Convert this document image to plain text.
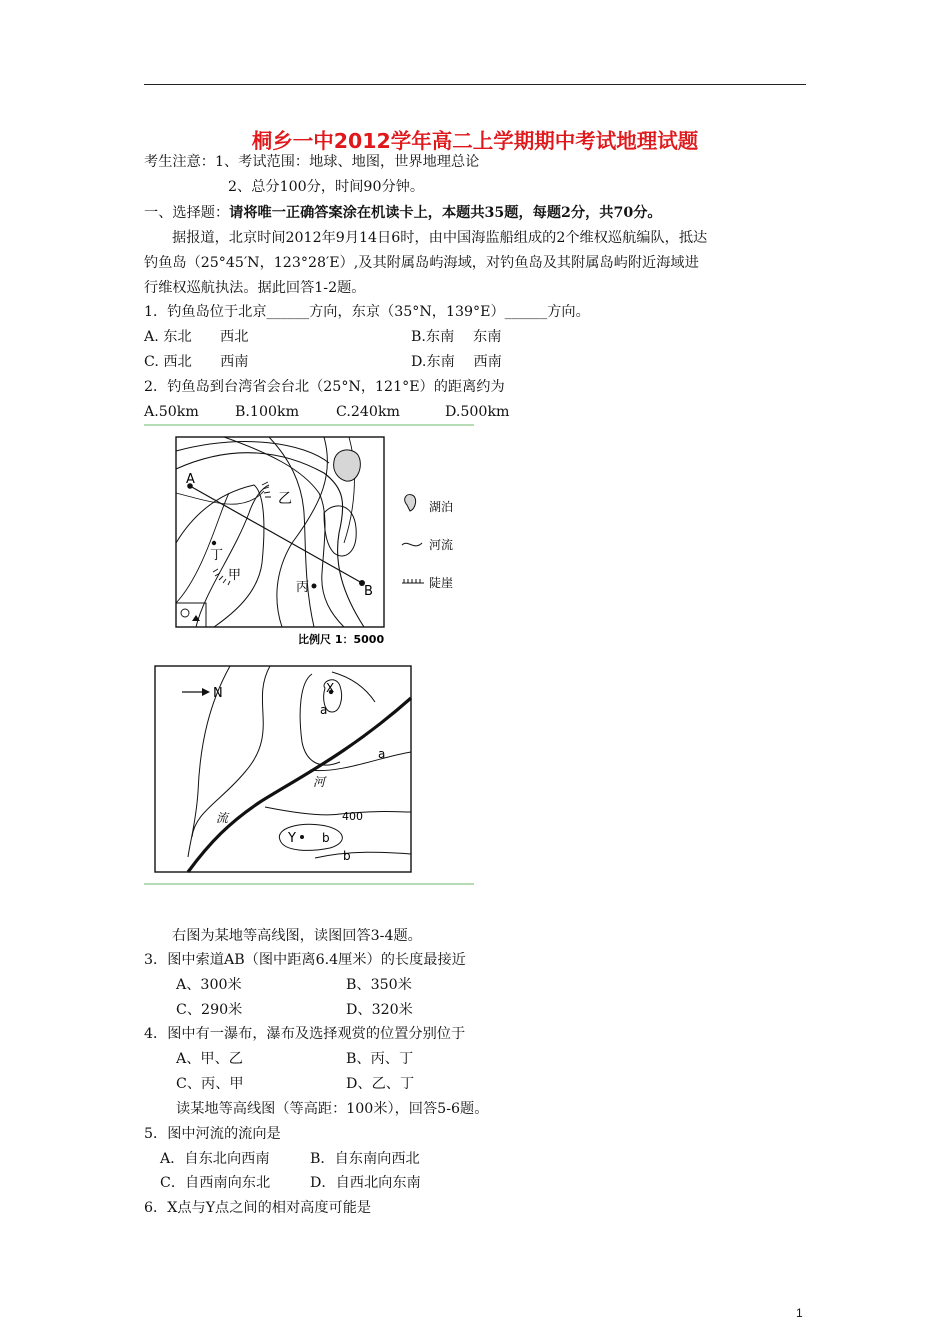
桐乡一中2012学年高二上学期期中考试地理试题
考生注意：1、考试范围：地球、地图，世界地理总论
2、总分100分，时间90分钟。
一、选择题：请将唯一正确答案涂在机读卡上，本题共35题，每题2分，共70分。
据报道，北京时间2012年9月14日6时，由中国海监船组成的2个维权巡航编队，抵达
钓鱼岛（25°45′N，123°28′E）,及其附属岛屿海域，对钓鱼岛及其附属岛屿附近海域进
行维权巡航执法。据此回答1-2题。
1．钓鱼岛位于北京______方向，东京（35°N，139°E）______方向。
A. 东北　　西北	B.东南　 东南
C. 西北　　西南	D.东南　 西南
2．钓鱼岛到台湾省会台北（25°N，121°E）的距离约为
A.50km	B.100km	C.240km	D.500km
A
B
乙
丁
甲
丙
湖泊
河流
陡崖
比例尺 1：5000
N	X
a
a
Y b
b
400
河
流
右图为某地等高线图，读图回答3-4题。
3．图中索道AB（图中距离6.4厘米）的长度最接近
A、300米	B、350米
C、290米	D、320米
4．图中有一瀑布，瀑布及选择观赏的位置分别位于
A、甲、乙	B、丙、丁
C、丙、甲	D、乙、丁
读某地等高线图（等高距：100米），回答5-6题。
5．图中河流的流向是
A．自东北向西南	B．自东南向西北
C．自西南向东北	D．自西北向东南
6．X点与Y点之间的相对高度可能是
1
